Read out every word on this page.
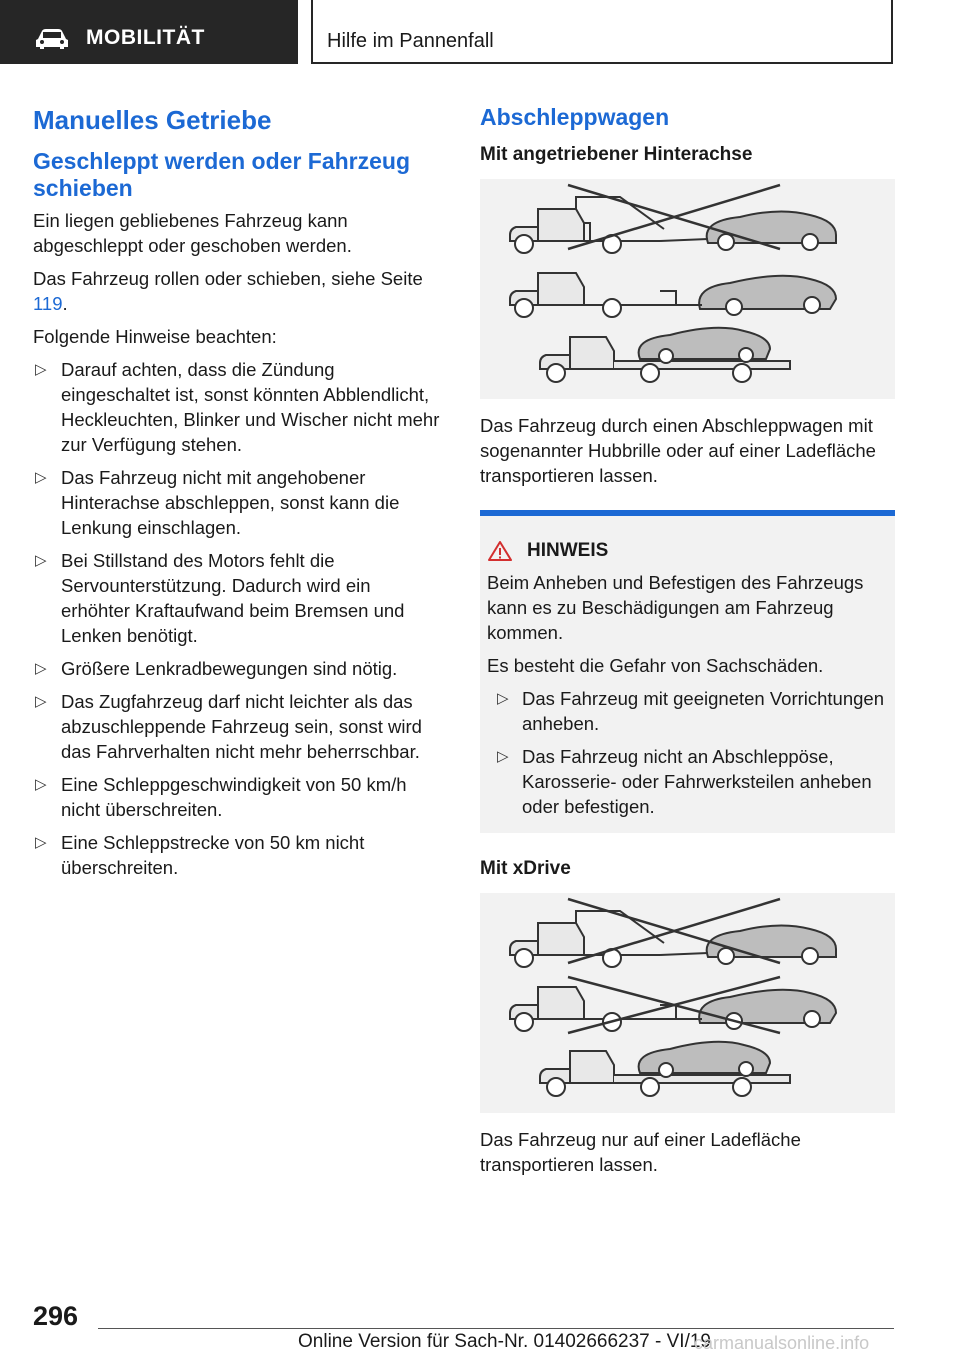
MOBILITÄT	Hilfe im Pannenfall
Manuelles Getriebe
Geschleppt werden oder Fahrzeug schieben

Ein liegen gebliebenes Fahrzeug kann abgeschleppt oder geschoben werden.

Das Fahrzeug rollen oder schieben, siehe Seite 119.

Folgende Hinweise beachten:

▷ Darauf achten, dass die Zündung eingeschaltet ist, sonst könnten Abblendlicht, Heckleuchten, Blinker und Wischer nicht mehr zur Verfügung stehen.
▷ Das Fahrzeug nicht mit angehobener Hinterachse abschleppen, sonst kann die Lenkung einschlagen.
▷ Bei Stillstand des Motors fehlt die Servounterstützung. Dadurch wird ein erhöhter Kraftaufwand beim Bremsen und Lenken benötigt.
▷ Größere Lenkradbewegungen sind nötig.
▷ Das Zugfahrzeug darf nicht leichter als das abzuschleppende Fahrzeug sein, sonst wird das Fahrverhalten nicht mehr beherrschbar.
▷ Eine Schleppgeschwindigkeit von 50 km/h nicht überschreiten.
▷ Eine Schleppstrecke von 50 km nicht überschreiten.
Abschleppwagen
Mit angetriebener Hinterachse

Das Fahrzeug durch einen Abschleppwagen mit sogenannter Hubbrille oder auf einer Ladefläche transportieren lassen.

HINWEIS

Beim Anheben und Befestigen des Fahrzeugs kann es zu Beschädigungen am Fahrzeug kommen.

Es besteht die Gefahr von Sachschäden.

▷ Das Fahrzeug mit geeigneten Vorrichtungen anheben.
▷ Das Fahrzeug nicht an Abschleppöse, Karosserie- oder Fahrwerksteilen anheben oder befestigen.
Mit xDrive

Das Fahrzeug nur auf einer Ladefläche transportieren lassen.

296
Online Version für Sach-Nr. 01402666237 - VI/19
carmanualsonline.info
